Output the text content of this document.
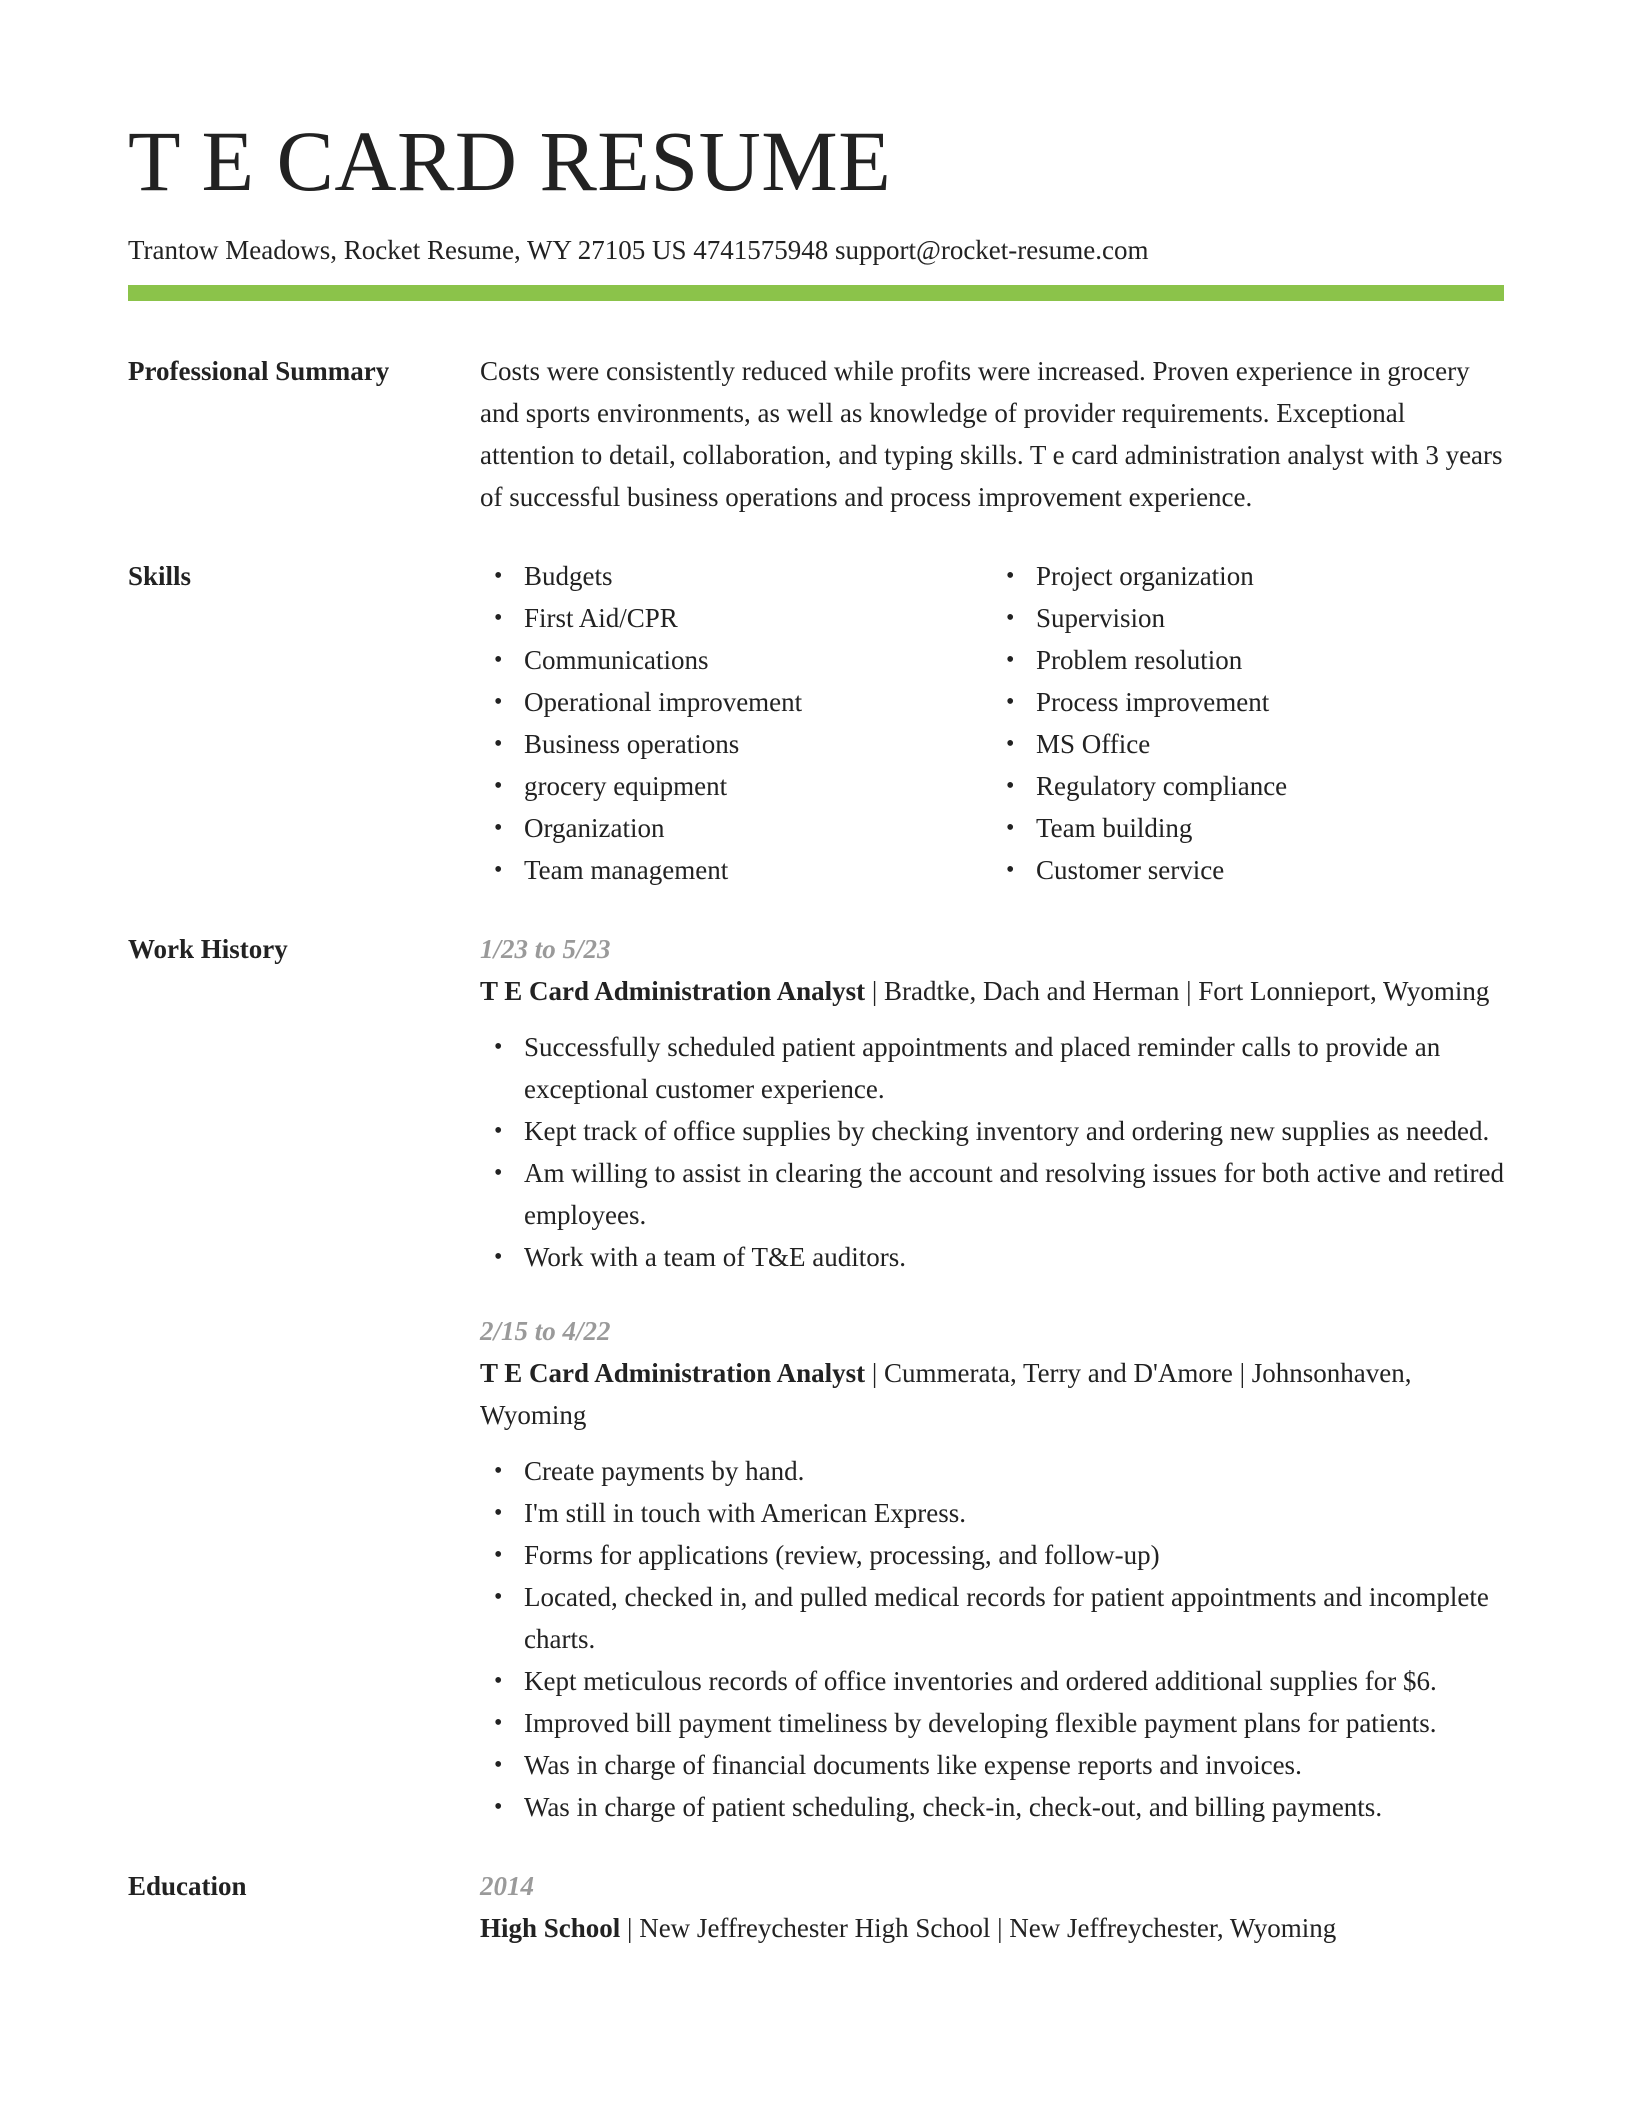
T E CARD RESUME
Trantow Meadows, Rocket Resume, WY 27105 US 4741575948 support@rocket-resume.com
Professional Summary	Costs were consistently reduced while profits were increased. Proven experience in grocery and sports environments, as well as knowledge of provider requirements. Exceptional attention to detail, collaboration, and typing skills. T e card administration analyst with 3 years of successful business operations and process improvement experience.

Skills
•	Budgets
• First Aid/CPR
• Communications
• Operational improvement
• Business operations
• grocery equipment
• Organization
• Team management
• Project organization
• Supervision
• Problem resolution
• Process improvement
• MS Office
• Regulatory compliance
• Team building
• Customer service
Work History	1/23 to 5/23
T E Card Administration Analyst | Bradtke, Dach and Herman | Fort Lonnieport, Wyoming
• Successfully scheduled patient appointments and placed reminder calls to provide an exceptional customer experience.
• Kept track of office supplies by checking inventory and ordering new supplies as needed.
• Am willing to assist in clearing the account and resolving issues for both active and retired employees.
• Work with a team of T&E auditors.
2/15 to 4/22
T E Card Administration Analyst | Cummerata, Terry and D'Amore | Johnsonhaven, Wyoming
• Create payments by hand.
• I'm still in touch with American Express.
• Forms for applications (review, processing, and follow-up)
• Located, checked in, and pulled medical records for patient appointments and incomplete charts.
• Kept meticulous records of office inventories and ordered additional supplies for $6.
• Improved bill payment timeliness by developing flexible payment plans for patients.
• Was in charge of financial documents like expense reports and invoices.
• Was in charge of patient scheduling, check-in, check-out, and billing payments.
Education	2014
High School | New Jeffreychester High School | New Jeffreychester, Wyoming
